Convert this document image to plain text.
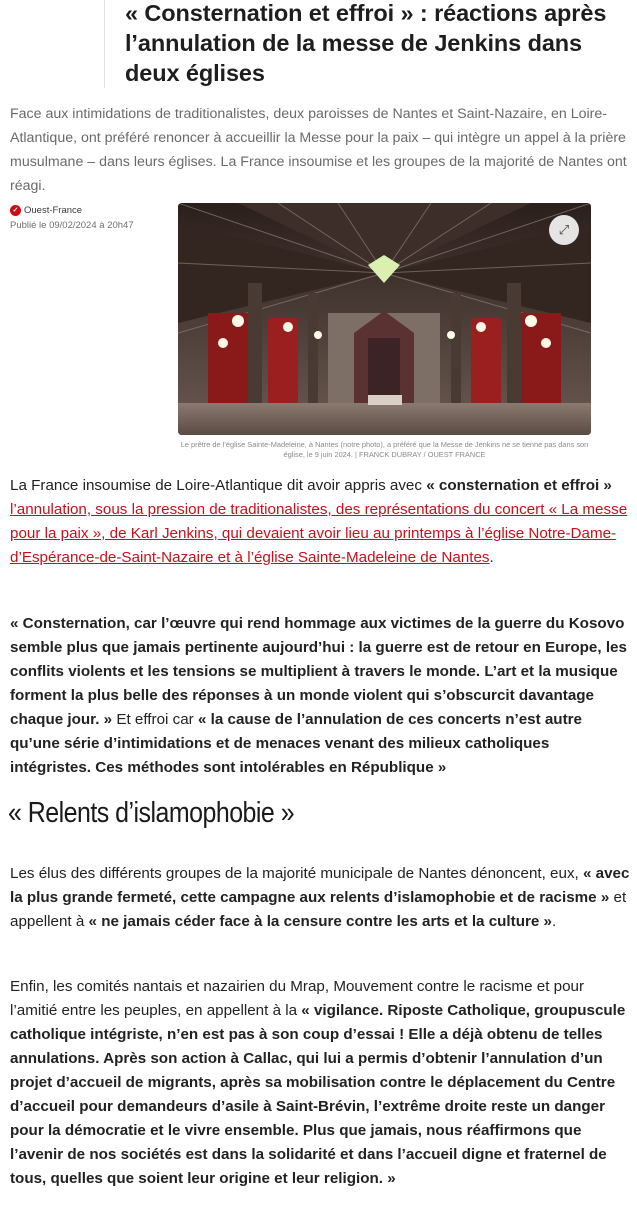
« Consternation et effroi » : réactions après l’annulation de la messe de Jenkins dans deux églises

Face aux intimidations de traditionalistes, deux paroisses de Nantes et Saint-Nazaire, en Loire-Atlantique, ont préféré renoncer à accueillir la Messe pour la paix – qui intègre un appel à la prière musulmane – dans leurs églises. La France insoumise et les groupes de la majorité de Nantes ont réagi.

✓ Ouest-France
Publié le 09/02/2024 à 20h47	⤢
Le prêtre de l’église Sainte-Madeleine, à Nantes (notre photo), a préféré que la Messe de Jenkins ne se tienne pas dans son église, le 9 juin 2024. | FRANCK DUBRAY / OUEST FRANCE

La France insoumise de Loire-Atlantique dit avoir appris avec « consternation et effroi » l’annulation, sous la pression de traditionalistes, des représentations du concert « La messe pour la paix », de Karl Jenkins, qui devaient avoir lieu au printemps à l’église Notre-Dame-d’Espérance-de-Saint-Nazaire et à l’église Sainte-Madeleine de Nantes.

« Consternation, car l’œuvre qui rend hommage aux victimes de la guerre du Kosovo semble plus que jamais pertinente aujourd’hui : la guerre est de retour en Europe, les conflits violents et les tensions se multiplient à travers le monde. L’art et la musique forment la plus belle des réponses à un monde violent qui s’obscurcit davantage chaque jour. » Et effroi car « la cause de l’annulation de ces concerts n’est autre qu’une série d’intimidations et de menaces venant des milieux catholiques intégristes. Ces méthodes sont intolérables en République »

« Relents d’islamophobie »

Les élus des différents groupes de la majorité municipale de Nantes dénoncent, eux, « avec la plus grande fermeté, cette campagne aux relents d’islamophobie et de racisme » et appellent à « ne jamais céder face à la censure contre les arts et la culture ».

Enfin, les comités nantais et nazairien du Mrap, Mouvement contre le racisme et pour l’amitié entre les peuples, en appellent à la « vigilance. Riposte Catholique, groupuscule catholique intégriste, n’en est pas à son coup d’essai ! Elle a déjà obtenu de telles annulations. Après son action à Callac, qui lui a permis d’obtenir l’annulation d’un projet d’accueil de migrants, après sa mobilisation contre le déplacement du Centre d’accueil pour demandeurs d’asile à Saint-Brévin, l’extrême droite reste un danger pour la démocratie et le vivre ensemble. Plus que jamais, nous réaffirmons que l’avenir de nos sociétés est dans la solidarité et dans l’accueil digne et fraternel de tous, quelles que soient leur origine et leur religion. »
